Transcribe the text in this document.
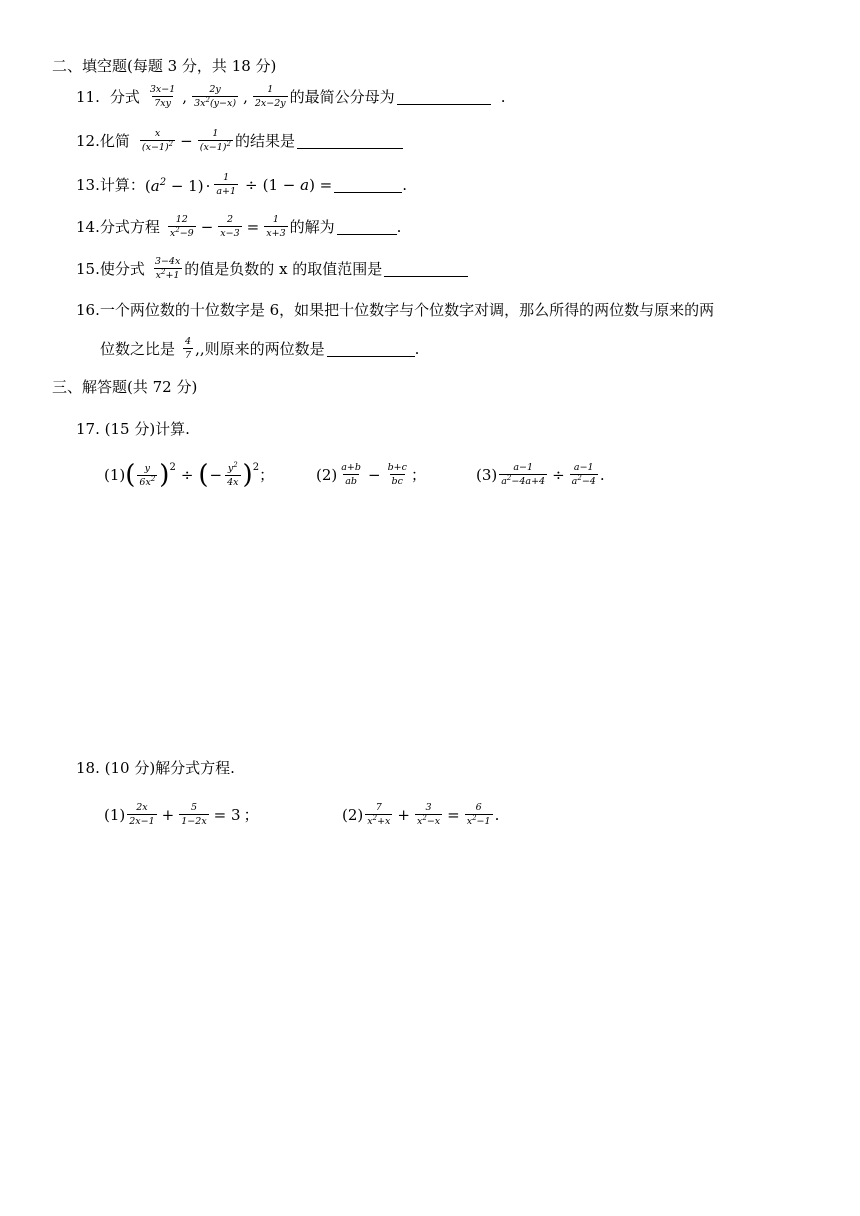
二、填空题(每题 3 分，共 18 分)
11. 分式 $\frac{3x-1}{7xy}$ , $\frac{2y}{3x^2(y-x)}$ , $\frac{1}{2x-2y}$ 的最简公分母为	.
12. 化简 $\frac{x}{(x-1)^2} - \frac{1}{(x-1)^2}$ 的结果是
13. 计算： $(a^2 - 1) \cdot \frac{1}{a+1} \div (1 - a)$ =	.
14. 分式方程 $\frac{12}{x^2-9} - \frac{2}{x-3} = \frac{1}{x+3}$ 的解为	.
15. 使分式 $\frac{3-4x}{x^2+1}$ 的值是负数的 x 的取值范围是
16. 一个两位数的十位数字是 6，如果把十位数字与个位数字对调，那么所得的两位数与原来的两
位数之比是 $\frac{4}{7}$ , ,则原来的两位数是	.
三、解答题(共 72 分)
17. (15 分)计算.
(1) ( $\frac{y}{6x^2}$ ) 2 ÷ ( − $\frac{y^2}{4x}$ ) 2 ；	$(2) \frac{a+b}{ab} - \frac{b+c}{bc}$ ；	$(3) \frac{a-1}{a^2-4a+4} \div \frac{a-1}{a^2-4}$ .
18. (10 分)解分式方程.
$(1) \frac{2x}{2x-1} + \frac{5}{1-2x} = 3$ ；	$(2) \frac{7}{x^2+x} + \frac{3}{x^2-x} = \frac{6}{x^2-1}$ .
